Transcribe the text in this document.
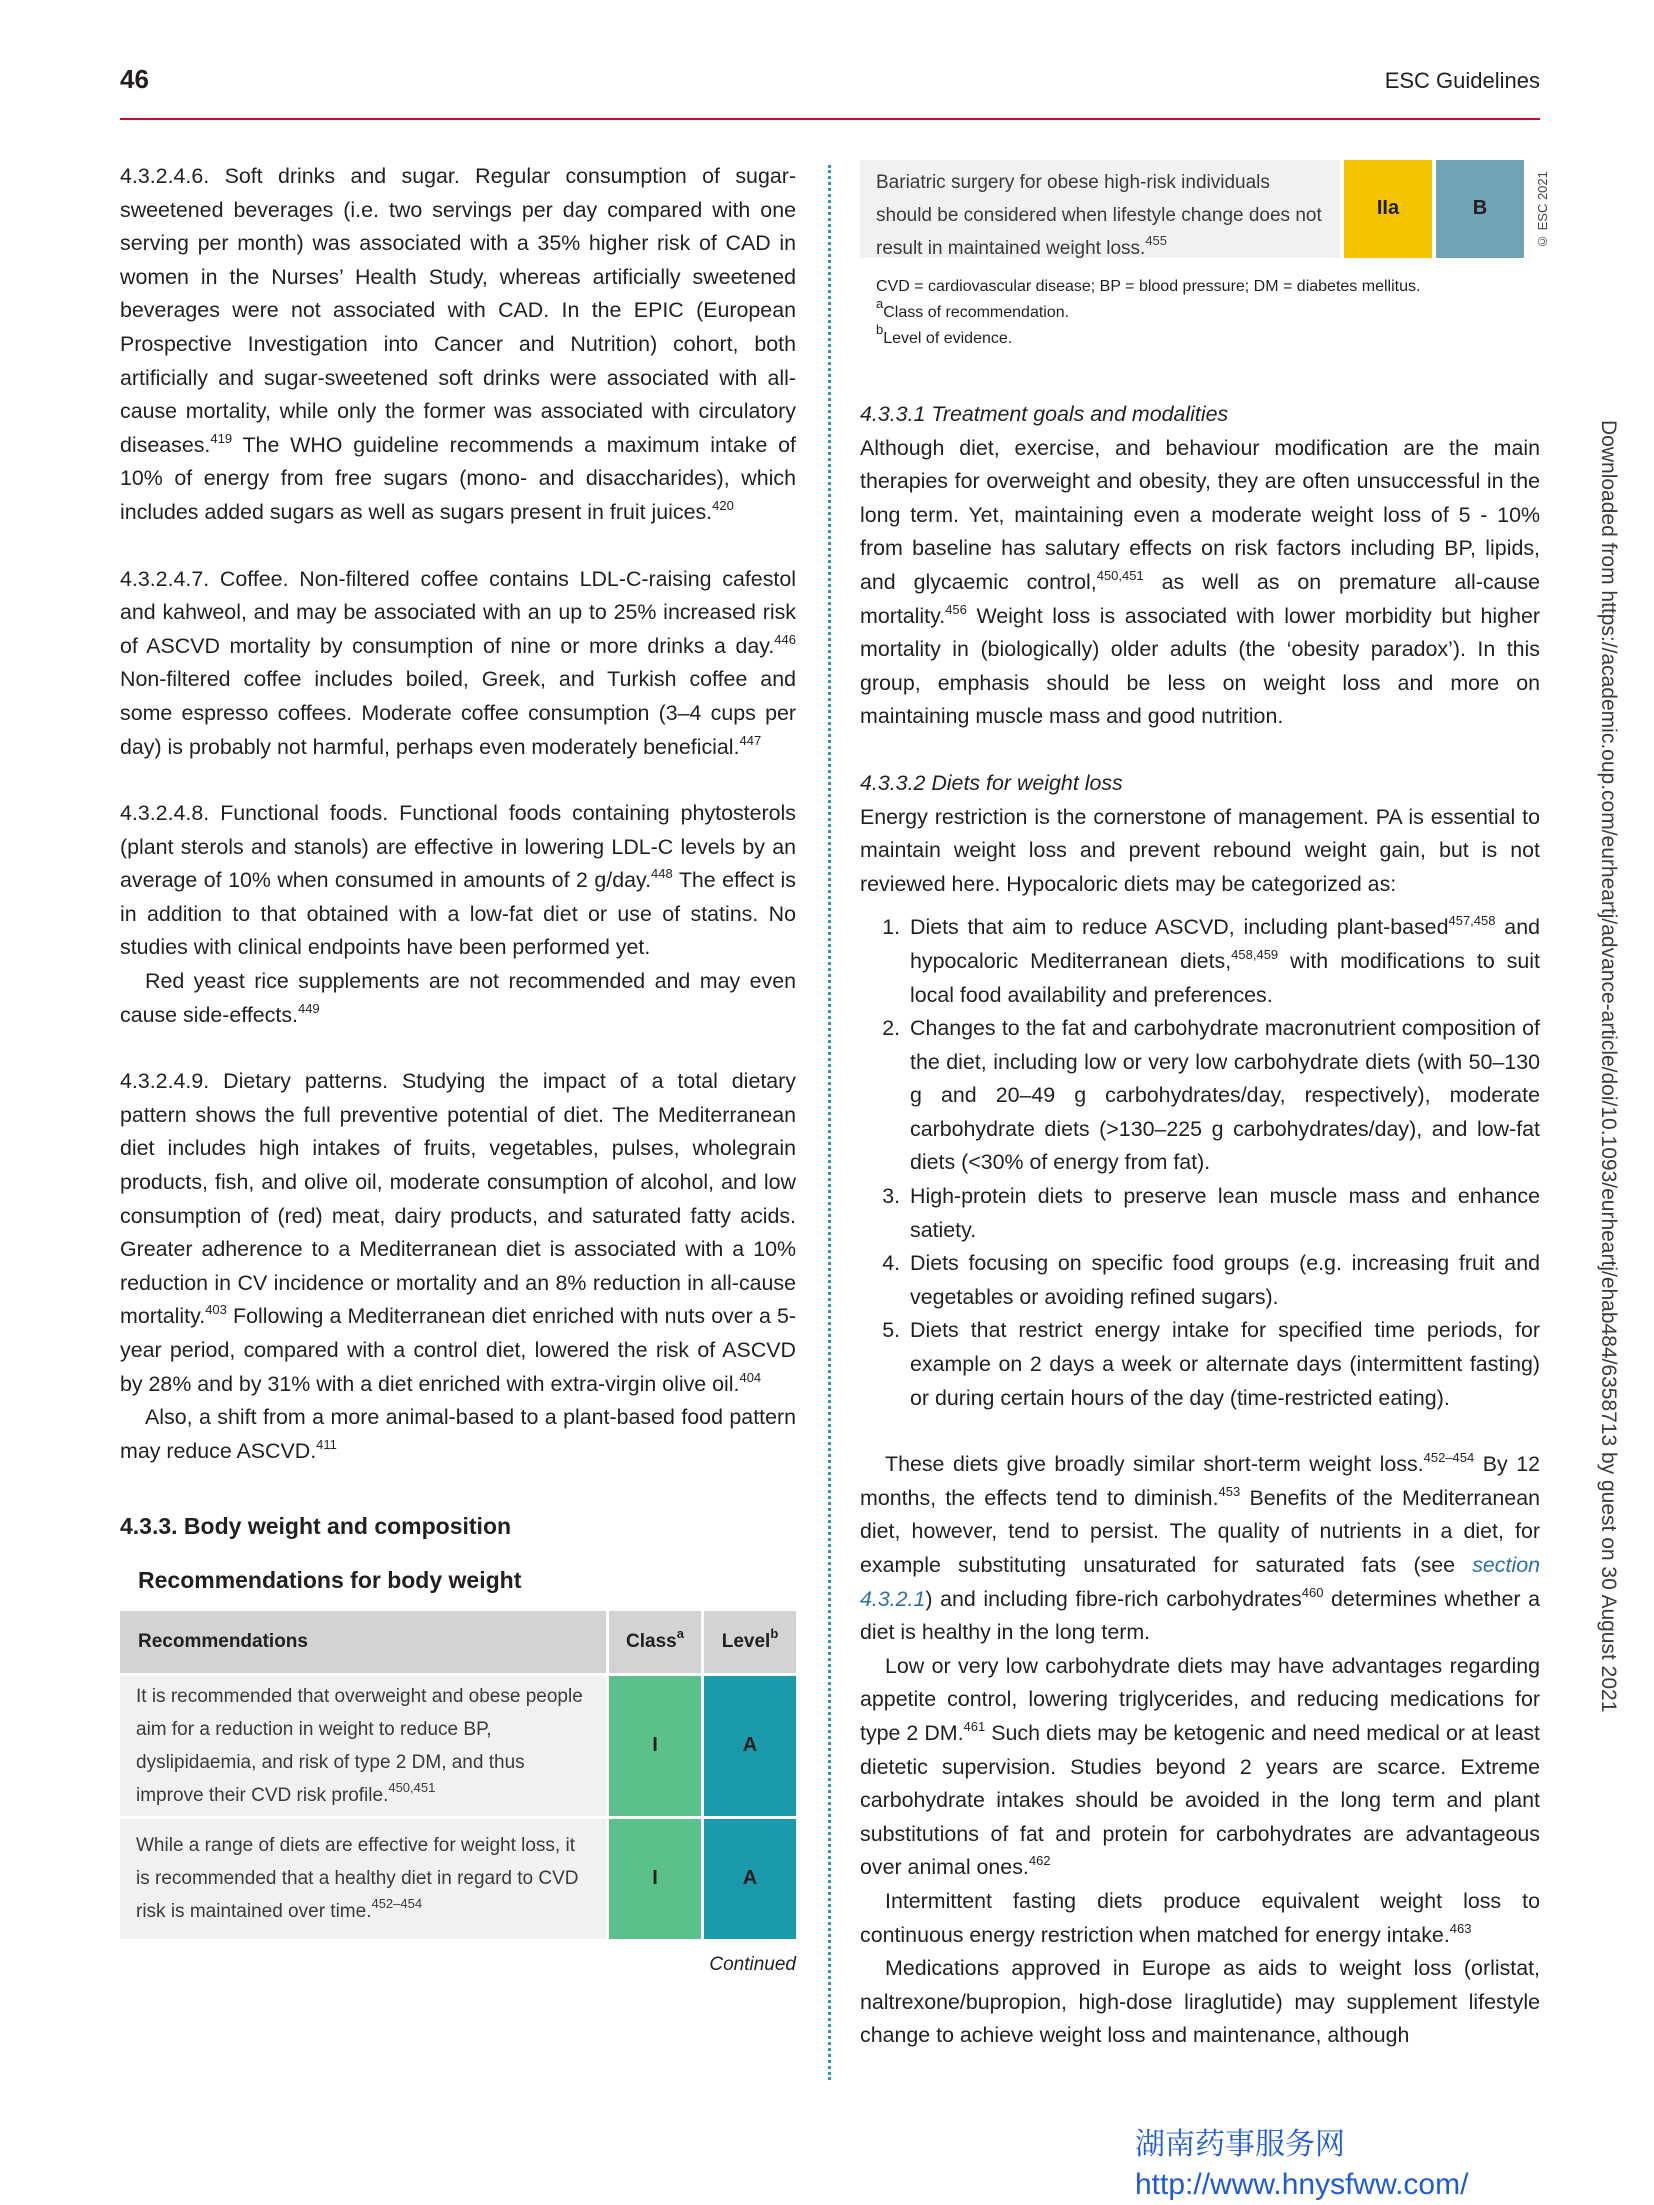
46	ESC Guidelines

4.3.2.4.6. Soft drinks and sugar. Regular consumption of sugar-sweetened beverages (i.e. two servings per day compared with one serving per month) was associated with a 35% higher risk of CAD in women in the Nurses’ Health Study, whereas artificially sweetened beverages were not associated with CAD. In the EPIC (European Prospective Investigation into Cancer and Nutrition) cohort, both artificially and sugar-sweetened soft drinks were associated with all-cause mortality, while only the former was associated with circulatory diseases.$^{419}$ The WHO guideline recommends a maximum intake of 10% of energy from free sugars (mono- and disaccharides), which includes added sugars as well as sugars present in fruit juices.$^{420}$

4.3.2.4.7. Coffee. Non-filtered coffee contains LDL-C-raising cafestol and kahweol, and may be associated with an up to 25% increased risk of ASCVD mortality by consumption of nine or more drinks a day.$^{446}$ Non-filtered coffee includes boiled, Greek, and Turkish coffee and some espresso coffees. Moderate coffee consumption (3–4 cups per day) is probably not harmful, perhaps even moderately beneficial.$^{447}$

4.3.2.4.8. Functional foods. Functional foods containing phytosterols (plant sterols and stanols) are effective in lowering LDL-C levels by an average of 10% when consumed in amounts of 2 g/day.$^{448}$ The effect is in addition to that obtained with a low-fat diet or use of statins. No studies with clinical endpoints have been performed yet.

Red yeast rice supplements are not recommended and may even cause side-effects.$^{449}$

4.3.2.4.9. Dietary patterns. Studying the impact of a total dietary pattern shows the full preventive potential of diet. The Mediterranean diet includes high intakes of fruits, vegetables, pulses, wholegrain products, fish, and olive oil, moderate consumption of alcohol, and low consumption of (red) meat, dairy products, and saturated fatty acids. Greater adherence to a Mediterranean diet is associated with a 10% reduction in CV incidence or mortality and an 8% reduction in all-cause mortality.$^{403}$ Following a Mediterranean diet enriched with nuts over a 5-year period, compared with a control diet, lowered the risk of ASCVD by 28% and by 31% with a diet enriched with extra-virgin olive oil.$^{404}$

Also, a shift from a more animal-based to a plant-based food pattern may reduce ASCVD.$^{411}$

4.3.3. Body weight and composition

Recommendations for body weight
Recommendations	Class$^a$	Level$^b$
It is recommended that overweight and obese people aim for a reduction in weight to reduce BP, dyslipidaemia, and risk of type 2 DM, and thus improve their CVD risk profile.$^{450,451}$	I	A
While a range of diets are effective for weight loss, it is recommended that a healthy diet in regard to CVD risk is maintained over time.$^{452-454}$	I	A
Continued
Bariatric surgery for obese high-risk individuals should be considered when lifestyle change does not result in maintained weight loss.$^{455}$
IIa	B	© ESC 2021
CVD = cardiovascular disease; BP = blood pressure; DM = diabetes mellitus.
$^a$Class of recommendation.
$^b$Level of evidence.

4.3.3.1 Treatment goals and modalities

Although diet, exercise, and behaviour modification are the main therapies for overweight and obesity, they are often unsuccessful in the long term. Yet, maintaining even a moderate weight loss of 5 - 10% from baseline has salutary effects on risk factors including BP, lipids, and glycaemic control,$^{450,451}$ as well as on premature all-cause mortality.$^{456}$ Weight loss is associated with lower morbidity but higher mortality in (biologically) older adults (the ‘obesity paradox’). In this group, emphasis should be less on weight loss and more on maintaining muscle mass and good nutrition.

4.3.3.2 Diets for weight loss

Energy restriction is the cornerstone of management. PA is essential to maintain weight loss and prevent rebound weight gain, but is not reviewed here. Hypocaloric diets may be categorized as:

1. Diets that aim to reduce ASCVD, including plant-based$^{457,458}$ and hypocaloric Mediterranean diets,$^{458,459}$ with modifications to suit local food availability and preferences.
2. Changes to the fat and carbohydrate macronutrient composition of the diet, including low or very low carbohydrate diets (with 50–130 g and 20–49 g carbohydrates/day, respectively), moderate carbohydrate diets (>130–225 g carbohydrates/day), and low-fat diets (<30% of energy from fat).
3. High-protein diets to preserve lean muscle mass and enhance satiety.
4. Diets focusing on specific food groups (e.g. increasing fruit and vegetables or avoiding refined sugars).
5. Diets that restrict energy intake for specified time periods, for example on 2 days a week or alternate days (intermittent fasting) or during certain hours of the day (time-restricted eating).

These diets give broadly similar short-term weight loss.$^{452-454}$ By 12 months, the effects tend to diminish.$^{453}$ Benefits of the Mediterranean diet, however, tend to persist. The quality of nutrients in a diet, for example substituting unsaturated for saturated fats (see section 4.3.2.1) and including fibre-rich carbohydrates$^{460}$ determines whether a diet is healthy in the long term.

Low or very low carbohydrate diets may have advantages regarding appetite control, lowering triglycerides, and reducing medications for type 2 DM.$^{461}$ Such diets may be ketogenic and need medical or at least dietetic supervision. Studies beyond 2 years are scarce. Extreme carbohydrate intakes should be avoided in the long term and plant substitutions of fat and protein for carbohydrates are advantageous over animal ones.$^{462}$

Intermittent fasting diets produce equivalent weight loss to continuous energy restriction when matched for energy intake.$^{463}$

Medications approved in Europe as aids to weight loss (orlistat, naltrexone/bupropion, high-dose liraglutide) may supplement lifestyle change to achieve weight loss and maintenance, although

Downloaded from https://academic.oup.com/eurheartj/advance-article/doi/10.1093/eurheartj/ehab484/6358713 by guest on 30 August 2021
湖南药事服务网
http://www.hnysfww.com/
